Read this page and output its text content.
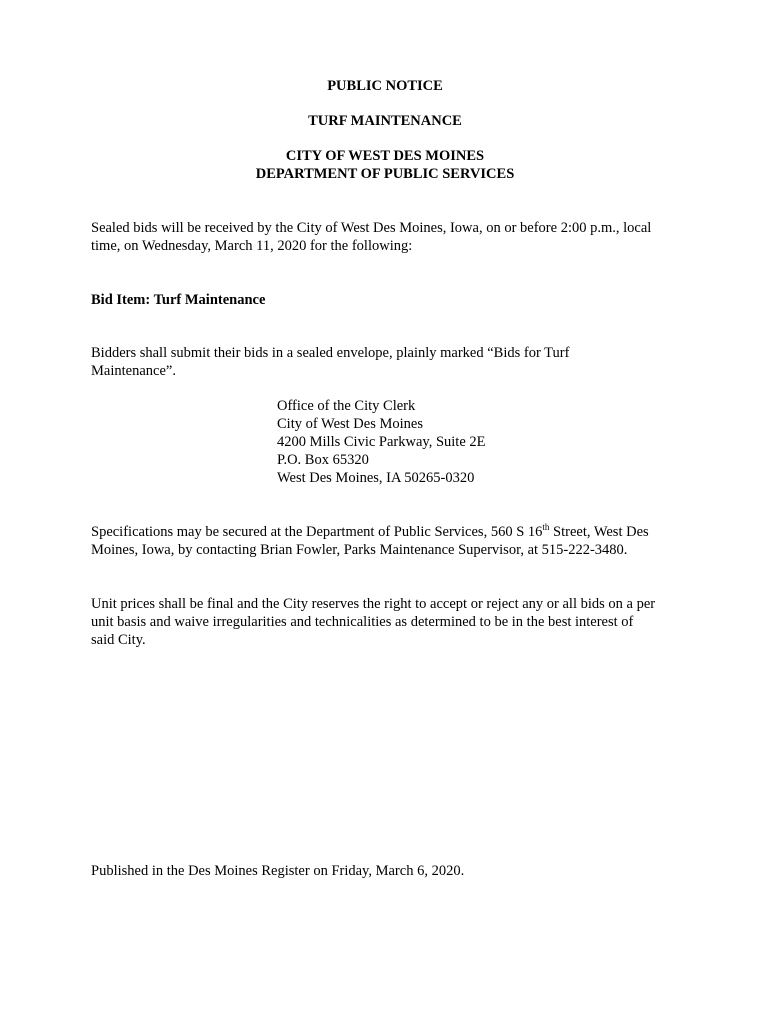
PUBLIC NOTICE
TURF MAINTENANCE
CITY OF WEST DES MOINES
DEPARTMENT OF PUBLIC SERVICES
Sealed bids will be received by the City of West Des Moines, Iowa, on or before 2:00 p.m., local
time, on Wednesday, March 11, 2020 for the following:
Bid Item: Turf Maintenance
Bidders shall submit their bids in a sealed envelope, plainly marked “Bids for Turf
Maintenance”.
Office of the City Clerk
City of West Des Moines
4200 Mills Civic Parkway, Suite 2E
P.O. Box 65320
West Des Moines, IA 50265-0320
Specifications may be secured at the Department of Public Services, 560 S 16th Street, West Des
Moines, Iowa, by contacting Brian Fowler, Parks Maintenance Supervisor, at 515-222-3480.
Unit prices shall be final and the City reserves the right to accept or reject any or all bids on a per
unit basis and waive irregularities and technicalities as determined to be in the best interest of
said City.
Published in the Des Moines Register on Friday, March 6, 2020.
